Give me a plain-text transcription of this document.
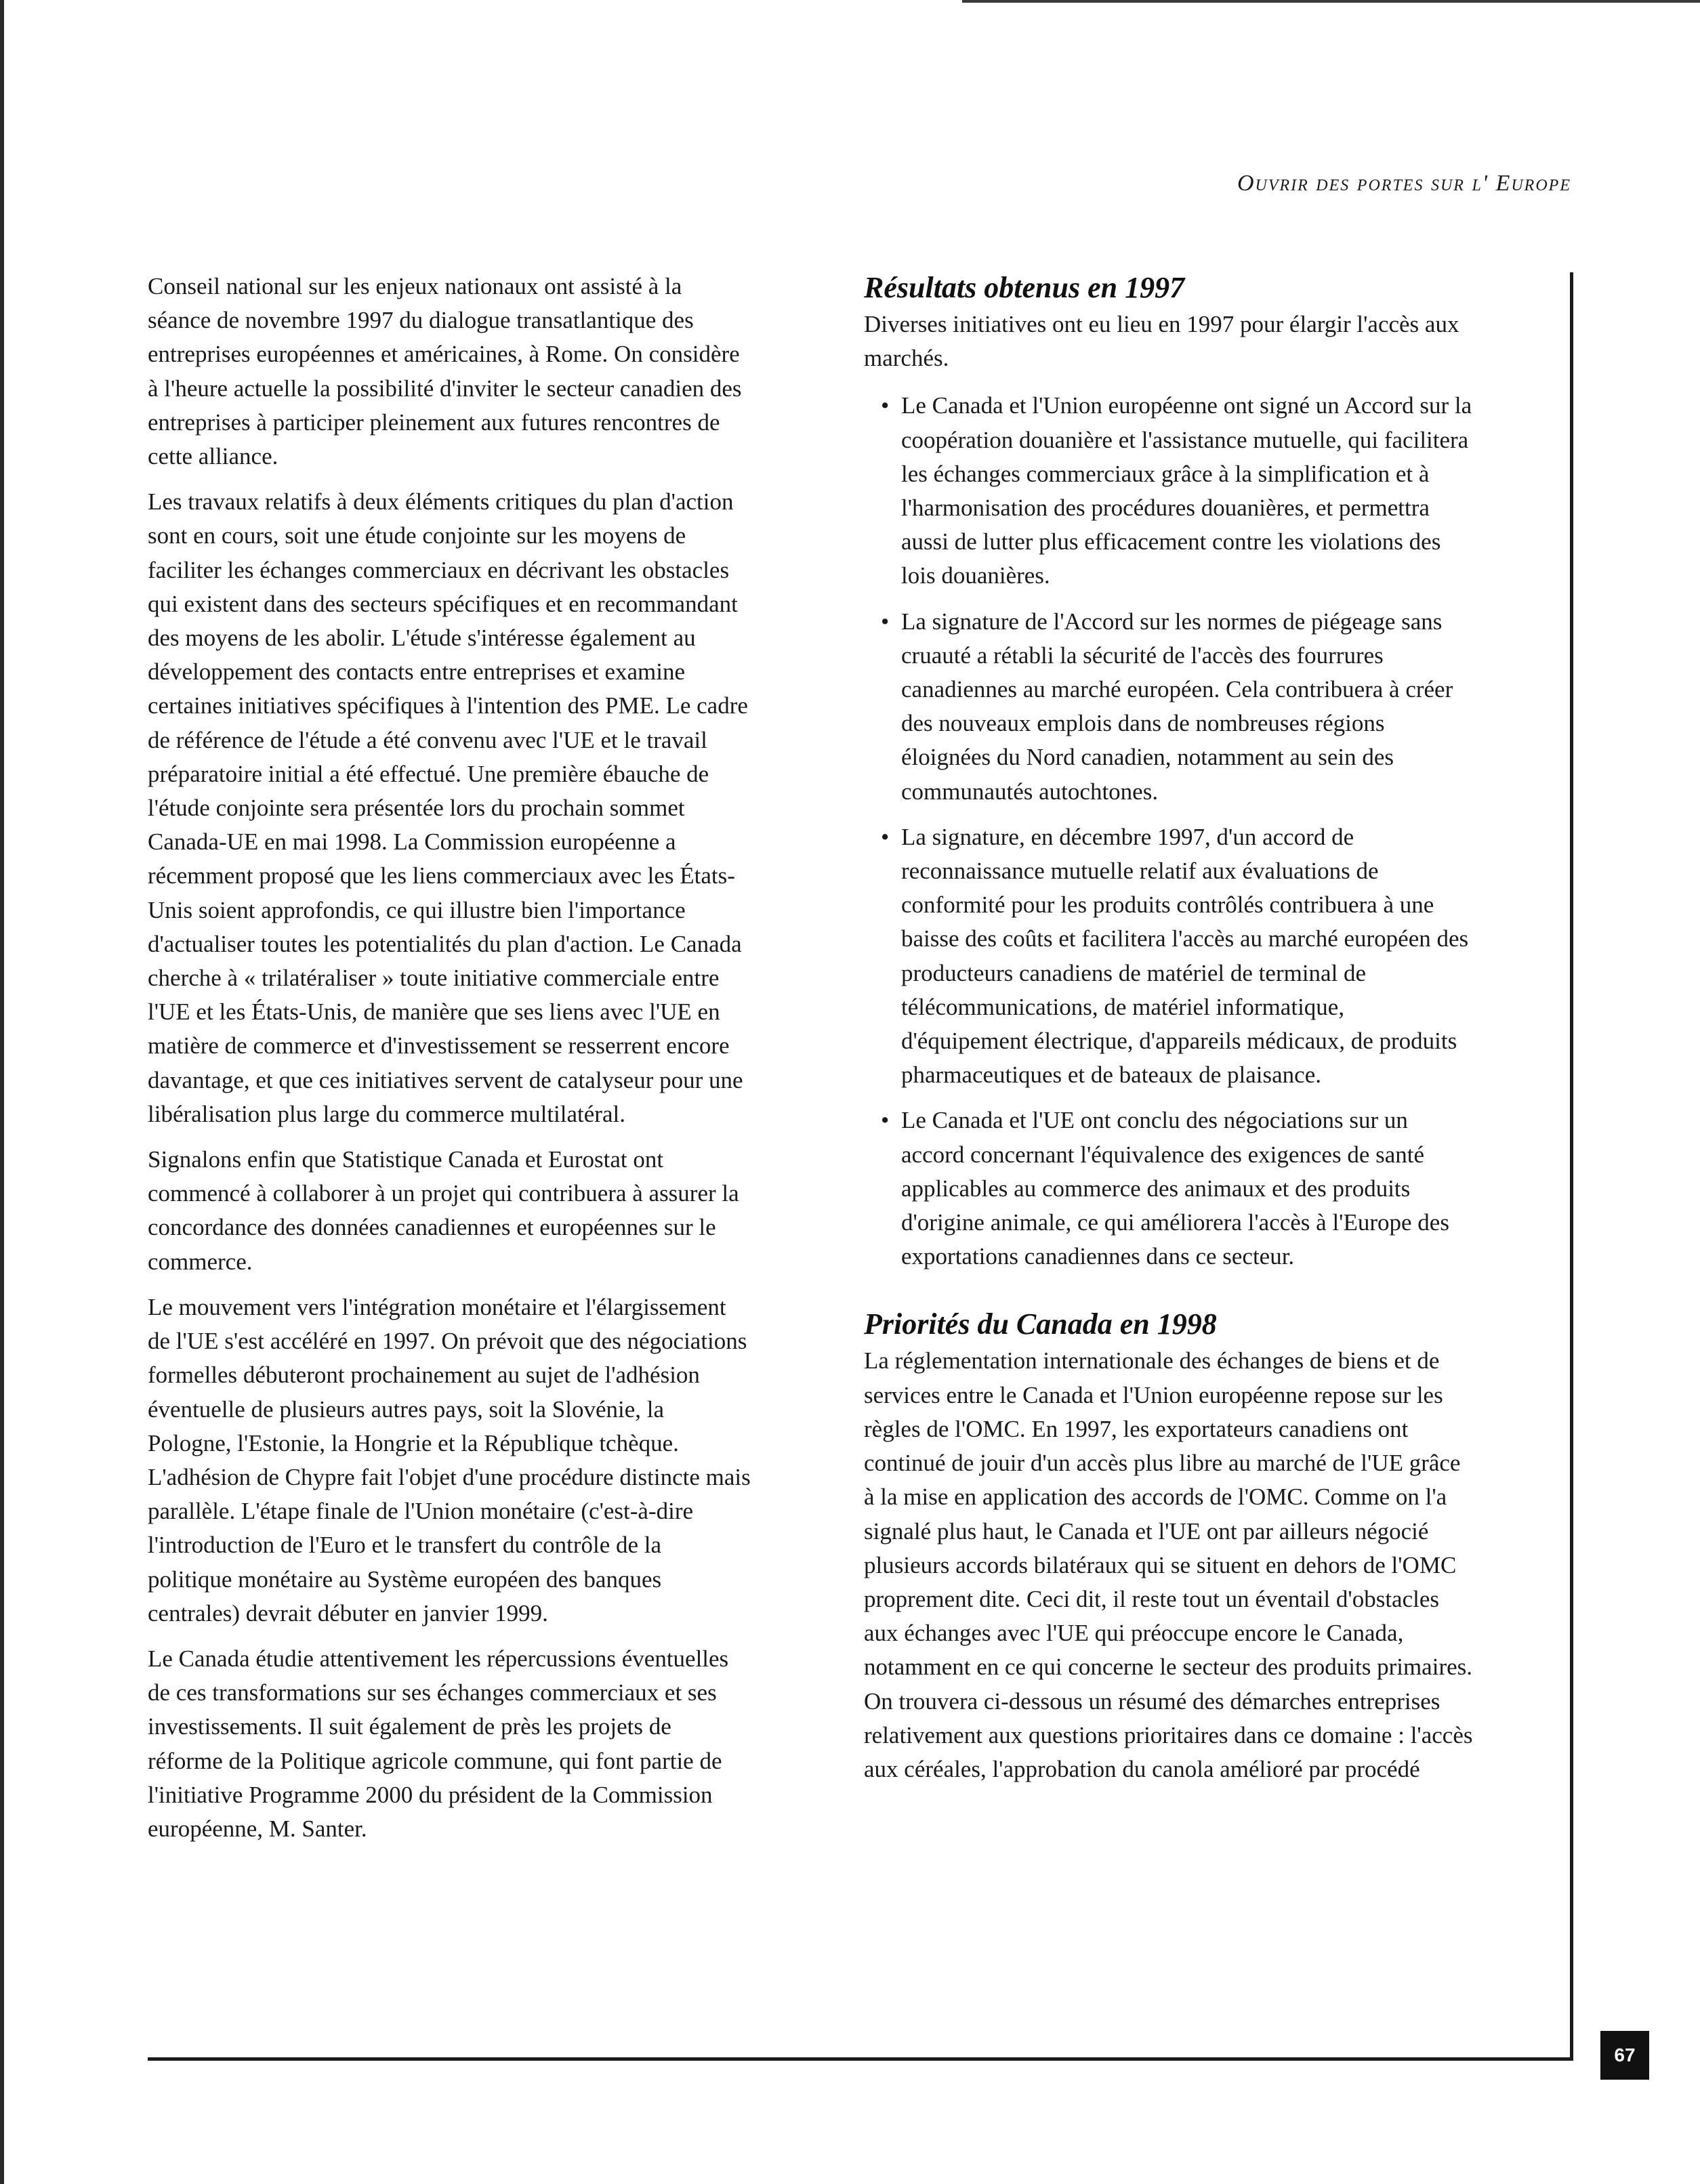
Ouvrir des portes sur l' Europe

Conseil national sur les enjeux nationaux ont assisté à la séance de novembre 1997 du dialogue transatlantique des entreprises européennes et américaines, à Rome. On considère à l'heure actuelle la possibilité d'inviter le secteur canadien des entreprises à participer pleinement aux futures rencontres de cette alliance.

Les travaux relatifs à deux éléments critiques du plan d'action sont en cours, soit une étude conjointe sur les moyens de faciliter les échanges commerciaux en décrivant les obstacles qui existent dans des secteurs spécifiques et en recommandant des moyens de les abolir. L'étude s'intéresse également au développement des contacts entre entreprises et examine certaines initiatives spécifiques à l'intention des PME. Le cadre de référence de l'étude a été convenu avec l'UE et le travail préparatoire initial a été effectué. Une première ébauche de l'étude conjointe sera présentée lors du prochain sommet Canada-UE en mai 1998. La Commission européenne a récemment proposé que les liens commerciaux avec les États-Unis soient approfondis, ce qui illustre bien l'importance d'actualiser toutes les potentialités du plan d'action. Le Canada cherche à « trilatéraliser » toute initiative commerciale entre l'UE et les États-Unis, de manière que ses liens avec l'UE en matière de commerce et d'investissement se resserrent encore davantage, et que ces initiatives servent de catalyseur pour une libéralisation plus large du commerce multilatéral.

Signalons enfin que Statistique Canada et Eurostat ont commencé à collaborer à un projet qui contribuera à assurer la concordance des données canadiennes et européennes sur le commerce.

Le mouvement vers l'intégration monétaire et l'élargissement de l'UE s'est accéléré en 1997. On prévoit que des négociations formelles débuteront prochainement au sujet de l'adhésion éventuelle de plusieurs autres pays, soit la Slovénie, la Pologne, l'Estonie, la Hongrie et la République tchèque. L'adhésion de Chypre fait l'objet d'une procédure distincte mais parallèle. L'étape finale de l'Union monétaire (c'est-à-dire l'introduction de l'Euro et le transfert du contrôle de la politique monétaire au Système européen des banques centrales) devrait débuter en janvier 1999.

Le Canada étudie attentivement les répercussions éventuelles de ces transformations sur ses échanges commerciaux et ses investissements. Il suit également de près les projets de réforme de la Politique agricole commune, qui font partie de l'initiative Programme 2000 du président de la Commission européenne, M. Santer.

Résultats obtenus en 1997

Diverses initiatives ont eu lieu en 1997 pour élargir l'accès aux marchés.

• Le Canada et l'Union européenne ont signé un Accord sur la coopération douanière et l'assistance mutuelle, qui facilitera les échanges commerciaux grâce à la simplification et à l'harmonisation des procédures douanières, et permettra aussi de lutter plus efficacement contre les violations des lois douanières.
• La signature de l'Accord sur les normes de piégeage sans cruauté a rétabli la sécurité de l'accès des fourrures canadiennes au marché européen. Cela contribuera à créer des nouveaux emplois dans de nombreuses régions éloignées du Nord canadien, notamment au sein des communautés autochtones.
• La signature, en décembre 1997, d'un accord de reconnaissance mutuelle relatif aux évaluations de conformité pour les produits contrôlés contribuera à une baisse des coûts et facilitera l'accès au marché européen des producteurs canadiens de matériel de terminal de télécommunications, de matériel informatique, d'équipement électrique, d'appareils médicaux, de produits pharmaceutiques et de bateaux de plaisance.
• Le Canada et l'UE ont conclu des négociations sur un accord concernant l'équivalence des exigences de santé applicables au commerce des animaux et des produits d'origine animale, ce qui améliorera l'accès à l'Europe des exportations canadiennes dans ce secteur.
Priorités du Canada en 1998

La réglementation internationale des échanges de biens et de services entre le Canada et l'Union européenne repose sur les règles de l'OMC. En 1997, les exportateurs canadiens ont continué de jouir d'un accès plus libre au marché de l'UE grâce à la mise en application des accords de l'OMC. Comme on l'a signalé plus haut, le Canada et l'UE ont par ailleurs négocié plusieurs accords bilatéraux qui se situent en dehors de l'OMC proprement dite. Ceci dit, il reste tout un éventail d'obstacles aux échanges avec l'UE qui préoccupe encore le Canada, notamment en ce qui concerne le secteur des produits primaires. On trouvera ci-dessous un résumé des démarches entreprises relativement aux questions prioritaires dans ce domaine : l'accès aux céréales, l'approbation du canola amélioré par procédé

67
